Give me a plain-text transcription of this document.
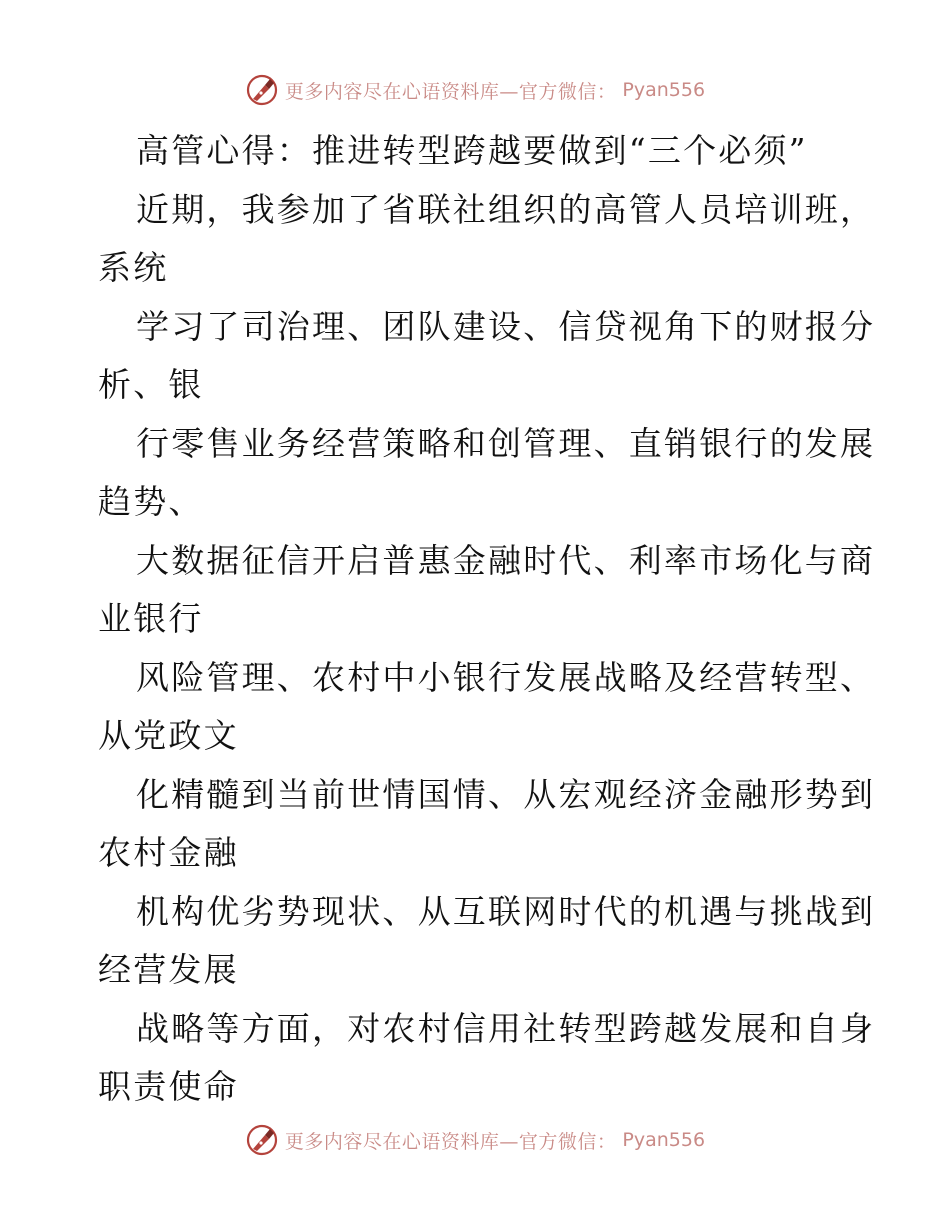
更多内容尽在心语资料库—官方微信： Pyan556
高管心得：推进转型跨越要做到“三个必须”
近期，我参加了省联社组织的高管人员培训班，
系统
学习了司治理、团队建设、信贷视角下的财报分
析、银
行零售业务经营策略和创管理、直销银行的发展
趋势、
大数据征信开启普惠金融时代、利率市场化与商
业银行
风险管理、农村中小银行发展战略及经营转型、
从党政文
化精髓到当前世情国情、从宏观经济金融形势到
农村金融
机构优劣势现状、从互联网时代的机遇与挑战到
经营发展
战略等方面，对农村信用社转型跨越发展和自身
职责使命
更多内容尽在心语资料库—官方微信： Pyan556
